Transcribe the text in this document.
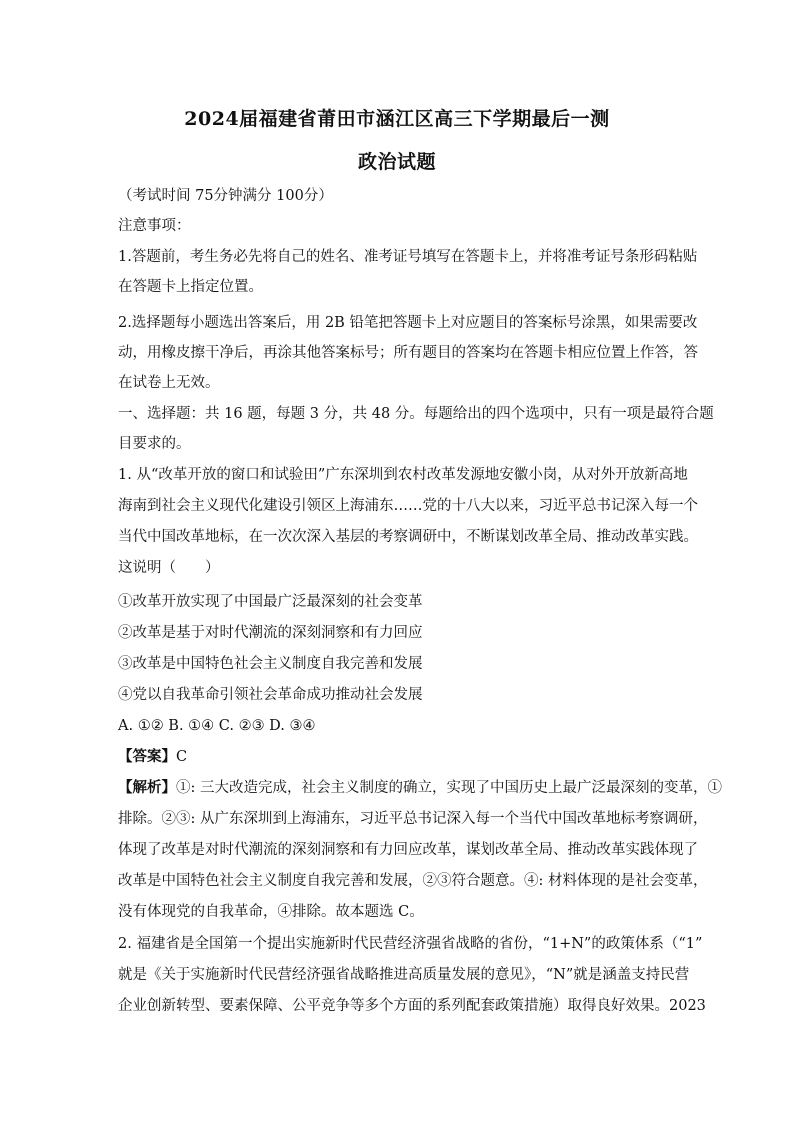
2024届福建省莆田市涵江区高三下学期最后一测
政治试题
（考试时间 75分钟满分 100分）
注意事项：
1.答题前，考生务必先将自己的姓名、准考证号填写在答题卡上，并将准考证号条形码粘贴
在答题卡上指定位置。
2.选择题每小题选出答案后，用 2B 铅笔把答题卡上对应题目的答案标号涂黑，如果需要改
动，用橡皮擦干净后，再涂其他答案标号；所有题目的答案均在答题卡相应位置上作答，答
在试卷上无效。
一、选择题：共 16 题，每题 3 分，共 48 分。每题给出的四个选项中，只有一项是最符合题
目要求的。
1. 从“改革开放的窗口和试验田”广东深圳到农村改革发源地安徽小岗，从对外开放新高地
海南到社会主义现代化建设引领区上海浦东……党的十八大以来，习近平总书记深入每一个
当代中国改革地标，在一次次深入基层的考察调研中，不断谋划改革全局、推动改革实践。
这说明（　　）
①改革开放实现了中国最广泛最深刻的社会变革
②改革是基于对时代潮流的深刻洞察和有力回应
③改革是中国特色社会主义制度自我完善和发展
④党以自我革命引领社会革命成功推动社会发展
A. ①② B. ①④ C. ②③ D. ③④
【答案】C
【解析】①: 三大改造完成，社会主义制度的确立，实现了中国历史上最广泛最深刻的变革，①
排除。②③: 从广东深圳到上海浦东，习近平总书记深入每一个当代中国改革地标考察调研，
体现了改革是对时代潮流的深刻洞察和有力回应改革，谋划改革全局、推动改革实践体现了
改革是中国特色社会主义制度自我完善和发展，②③符合题意。④: 材料体现的是社会变革，
没有体现党的自我革命，④排除。故本题选 C。
2. 福建省是全国第一个提出实施新时代民营经济强省战略的省份，“1+N”的政策体系（“1”
就是《关于实施新时代民营经济强省战略推进高质量发展的意见》，“N”就是涵盖支持民营
企业创新转型、要素保障、公平竞争等多个方面的系列配套政策措施）取得良好效果。2023
